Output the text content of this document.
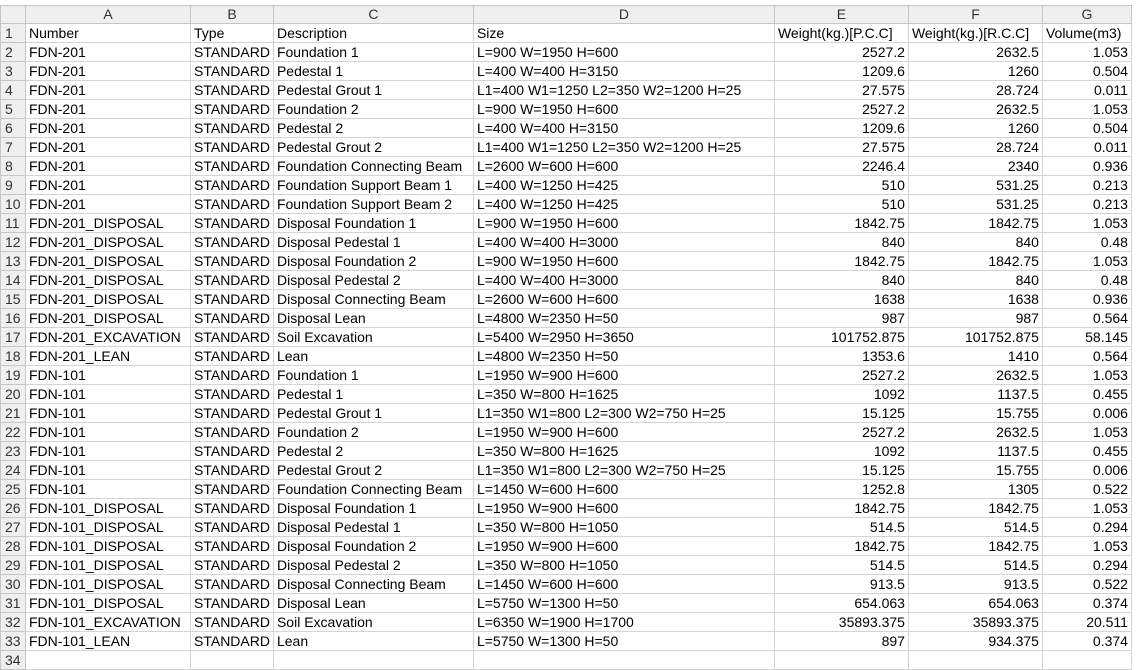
	A	B	C	D	E	F	G
1	Number	Type	Description	Size	Weight(kg.)[P.C.C]	Weight(kg.)[R.C.C]	Volume(m3)
2	FDN-201	STANDARD	Foundation 1	L=900 W=1950 H=600	2527.2	2632.5	1.053
3	FDN-201	STANDARD	Pedestal 1	L=400 W=400 H=3150	1209.6	1260	0.504
4	FDN-201	STANDARD	Pedestal Grout 1	L1=400 W1=1250 L2=350 W2=1200 H=25	27.575	28.724	0.011
5	FDN-201	STANDARD	Foundation 2	L=900 W=1950 H=600	2527.2	2632.5	1.053
6	FDN-201	STANDARD	Pedestal 2	L=400 W=400 H=3150	1209.6	1260	0.504
7	FDN-201	STANDARD	Pedestal Grout 2	L1=400 W1=1250 L2=350 W2=1200 H=25	27.575	28.724	0.011
8	FDN-201	STANDARD	Foundation Connecting Beam	L=2600 W=600 H=600	2246.4	2340	0.936
9	FDN-201	STANDARD	Foundation Support Beam 1	L=400 W=1250 H=425	510	531.25	0.213
10	FDN-201	STANDARD	Foundation Support Beam 2	L=400 W=1250 H=425	510	531.25	0.213
11	FDN-201_DISPOSAL	STANDARD	Disposal Foundation 1	L=900 W=1950 H=600	1842.75	1842.75	1.053
12	FDN-201_DISPOSAL	STANDARD	Disposal Pedestal 1	L=400 W=400 H=3000	840	840	0.48
13	FDN-201_DISPOSAL	STANDARD	Disposal Foundation 2	L=900 W=1950 H=600	1842.75	1842.75	1.053
14	FDN-201_DISPOSAL	STANDARD	Disposal Pedestal 2	L=400 W=400 H=3000	840	840	0.48
15	FDN-201_DISPOSAL	STANDARD	Disposal Connecting Beam	L=2600 W=600 H=600	1638	1638	0.936
16	FDN-201_DISPOSAL	STANDARD	Disposal Lean	L=4800 W=2350 H=50	987	987	0.564
17	FDN-201_EXCAVATION	STANDARD	Soil Excavation	L=5400 W=2950 H=3650	101752.875	101752.875	58.145
18	FDN-201_LEAN	STANDARD	Lean	L=4800 W=2350 H=50	1353.6	1410	0.564
19	FDN-101	STANDARD	Foundation 1	L=1950 W=900 H=600	2527.2	2632.5	1.053
20	FDN-101	STANDARD	Pedestal 1	L=350 W=800 H=1625	1092	1137.5	0.455
21	FDN-101	STANDARD	Pedestal Grout 1	L1=350 W1=800 L2=300 W2=750 H=25	15.125	15.755	0.006
22	FDN-101	STANDARD	Foundation 2	L=1950 W=900 H=600	2527.2	2632.5	1.053
23	FDN-101	STANDARD	Pedestal 2	L=350 W=800 H=1625	1092	1137.5	0.455
24	FDN-101	STANDARD	Pedestal Grout 2	L1=350 W1=800 L2=300 W2=750 H=25	15.125	15.755	0.006
25	FDN-101	STANDARD	Foundation Connecting Beam	L=1450 W=600 H=600	1252.8	1305	0.522
26	FDN-101_DISPOSAL	STANDARD	Disposal Foundation 1	L=1950 W=900 H=600	1842.75	1842.75	1.053
27	FDN-101_DISPOSAL	STANDARD	Disposal Pedestal 1	L=350 W=800 H=1050	514.5	514.5	0.294
28	FDN-101_DISPOSAL	STANDARD	Disposal Foundation 2	L=1950 W=900 H=600	1842.75	1842.75	1.053
29	FDN-101_DISPOSAL	STANDARD	Disposal Pedestal 2	L=350 W=800 H=1050	514.5	514.5	0.294
30	FDN-101_DISPOSAL	STANDARD	Disposal Connecting Beam	L=1450 W=600 H=600	913.5	913.5	0.522
31	FDN-101_DISPOSAL	STANDARD	Disposal Lean	L=5750 W=1300 H=50	654.063	654.063	0.374
32	FDN-101_EXCAVATION	STANDARD	Soil Excavation	L=6350 W=1900 H=1700	35893.375	35893.375	20.511
33	FDN-101_LEAN	STANDARD	Lean	L=5750 W=1300 H=50	897	934.375	0.374
34							
